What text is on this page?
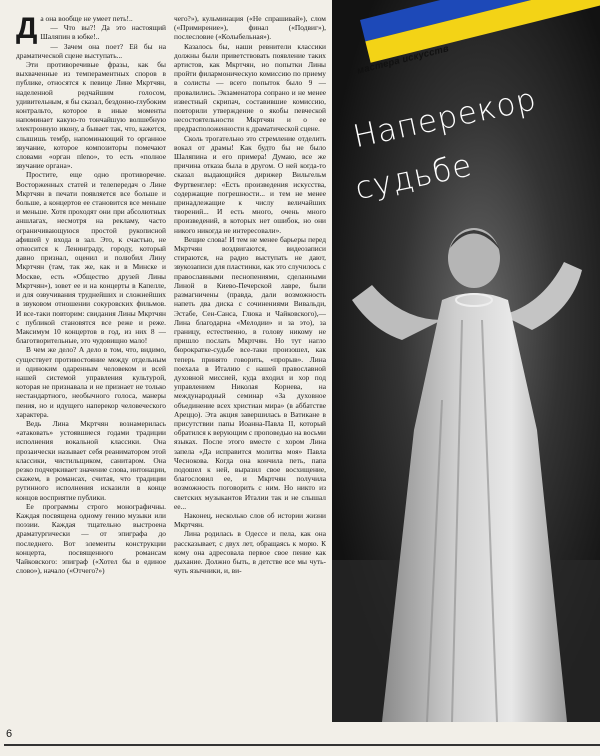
Да она вообще не умеет петь!..

— Что вы?! Да это настоящий Шаляпин в юбке!..

— Зачем она поет? Ей бы на драматической сцене выступать...

Эти противоречивые фразы, как бы выхваченные из темпераментных споров в публике, относятся к певице Лине Мкртчян, наделенной редчайшим голосом, удивительным, я бы сказал, бездонно-глубоким контральто, которое в иные моменты напоминает какую-то тончайшую волшебную электронную икону, а бывает так, что, кажется, слышишь тембр, напоминающий то органное звучание, которое композиторы помечают словами «орган пleno», то есть «полное звучание органа».

Простите, еще одно противоречие. Восторженных статей и телепередач о Лине Мкртчян в печати появляется все больше и больше, а концертов ее становится все меньше и меньше. Хотя проходят они при абсолютных аншлагах, несмотря на рекламу, часто ограничивающуюся простой рукописной афишей у входа в зал. Это, к счастью, не относится к Ленинграду, городу, который давно признал, оценил и полюбил Лину Мкртчян (там, так же, как и в Минске и Москве, есть «Общество друзей Лины Мкртчян»), зовет ее и на концерты в Капелле, и для озвучивания труднейших и сложнейших в звуковом отношении сокуровских фильмов. И все-таки повторим: свидания Лины Мкртчян с публикой становятся все реже и реже. Максимум 10 концертов в год, из них 8 — благотворительные, это чудовищно мало!

В чем же дело? А дело в том, что, видимо, существует противостояние между отдельным и одиноким одаренным человеком и всей нашей системой управления культурой, которая не признавала и не признает не только нестандартного, необычного голоса, манеры пения, но и идущего наперекор человеческого характера.

Ведь Лина Мкртчян вознамерилась «атаковать» устоявшиеся годами традиции исполнения вокальной классики. Она прозаически называет себя реаниматором этой классики, чистильщиком, санитаром. Она резко подчеркивает значение слова, интонации, скажем, в романсах, считая, что традиции рутинного исполнения исказили в конце концов восприятие публики.

Ее программы строго монографичны. Каждая посвящена одному гению музыки или поэзии. Каждая тщательно выстроена драматургически — от эпиграфа до последнего. Вот элементы конструкции концерта, посвященного романсам Чайковского: эпиграф («Хотел бы в единое слово»), начало («Отчего?»)

чего?»), кульминация («Не спрашивай»), слом («Примирение»), финал («Подвиг»), послесловие («Колыбельная»).

Казалось бы, наши ревнители классики должны были приветствовать появление таких артистов, как Мкртчян, но попытки Лины пройти филармоническую комиссию по приему в солисты — всего попыток было 9 — провалились. Экзаменатора сопрано и не менее известный скрипач, составившие комиссию, повторили утверждение о якобы певческой несостоятельности Мкртчян и о ее предрасположенности к драматической сцене.

Сколь трогательно это стремление отделить вокал от драмы! Как будто бы не было Шаляпина и его примера! Думаю, все же причина отказа была в другом. О ней когда-то сказал выдающийся дирижер Вильгельм Фуртвенглер: «Есть произведения искусства, содержащие погрешности... и тем не менее принадлежащие к числу величайших творений... И есть много, очень много произведений, в которых нет ошибок, но они никого никогда не интересовали».

Вещие слова! И тем не менее барьеры перед Мкртчян воздвигаются, видеозаписи стираются, на радио выступать не дают, звукозаписи для пластинки, как это случилось с православными песнопениями, сделанными Линой в Киево-Печерской лавре, были размагничены (правда, дали возможность напеть два диска с сочинениями Вивальди, Эстабе, Сен-Санса, Глюка и Чайковского),— Лина благодарна «Мелодии» и за это), за границу, естественно, в голову никому не пришло послать Мкртчян. Но тут нагло бюрократке-судьбе все-таки произошел, как теперь принято говорить, «прорыв». Лина поехала в Италию с нашей православной духовной миссией, куда входил и хор под управлением Николая Корнева, на международный семинар «За духовное объединение всех христиан мира» (в аббатстве Ареццо). Эта акция завершилась в Ватикане в присутствии папы Иоанна-Павла II, который обратился к верующим с проповедью на восьми языках. После этого вместе с хором Лина запела «Да исправится молитва моя» Павла Чеснокова. Когда она кончила петь, папа подошел к ней, выразил свое восхищение, благословил ее, и Мкртчян получила возможность поговорить с ним. Но никто из светских музыкантов Италии так и не слышал ее...

Наконец, несколько слов об истории жизни Мкртчян.

Лина родилась в Одессе и пела, как она рассказывает, с двух лет, обращаясь к морю. К кому она адресовала первое свое пение как дыхание. Должно быть, в детстве все мы чуть-чуть язычники, и, ви-

мастера искусств
Наперекор
судьбе
6
